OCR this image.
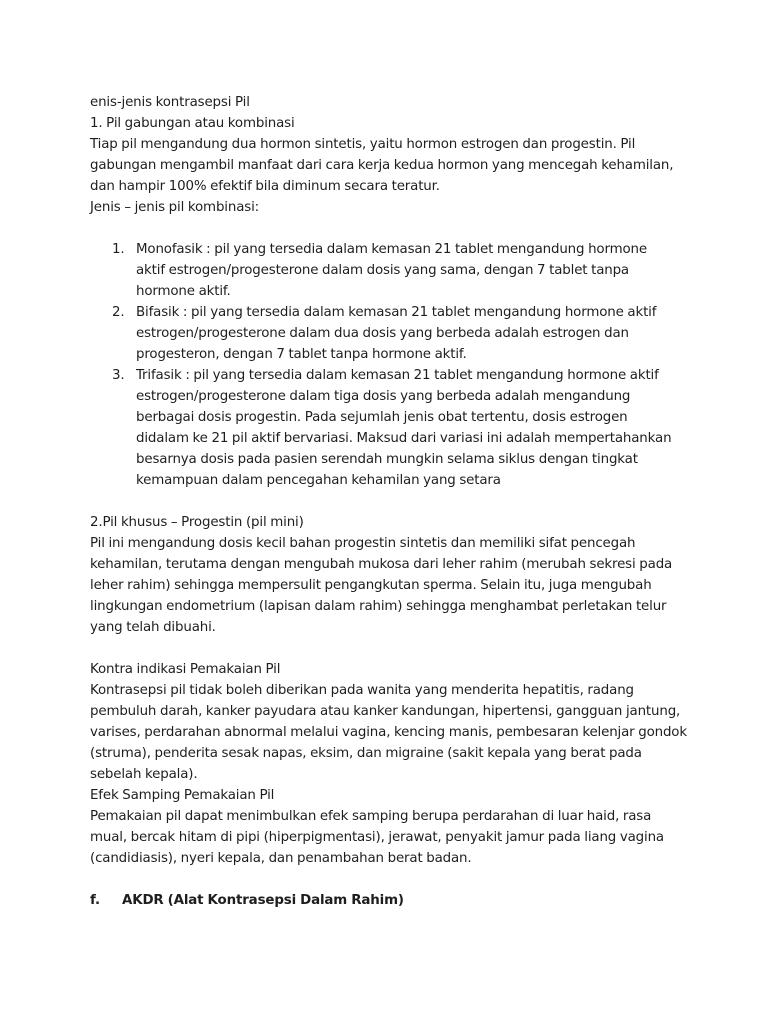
enis-jenis kontrasepsi Pil

1. Pil gabungan atau kombinasi

Tiap pil mengandung dua hormon sintetis, yaitu hormon estrogen dan progestin. Pil gabungan mengambil manfaat dari cara kerja kedua hormon yang mencegah kehamilan, dan hampir 100% efektif bila diminum secara teratur.

Jenis – jenis pil kombinasi:

1. Monofasik : pil yang tersedia dalam kemasan 21 tablet mengandung hormone aktif estrogen/progesterone dalam dosis yang sama, dengan 7 tablet tanpa hormone aktif.
2. Bifasik : pil yang tersedia dalam kemasan 21 tablet mengandung hormone aktif estrogen/progesterone dalam dua dosis yang berbeda adalah estrogen dan progesteron, dengan 7 tablet tanpa hormone aktif.
3. Trifasik : pil yang tersedia dalam kemasan 21 tablet mengandung hormone aktif estrogen/progesterone dalam tiga dosis yang berbeda adalah mengandung berbagai dosis progestin. Pada sejumlah jenis obat tertentu, dosis estrogen didalam ke 21 pil aktif bervariasi. Maksud dari variasi ini adalah mempertahankan besarnya dosis pada pasien serendah mungkin selama siklus dengan tingkat kemampuan dalam pencegahan kehamilan yang setara

2.Pil khusus – Progestin (pil mini)

Pil ini mengandung dosis kecil bahan progestin sintetis dan memiliki sifat pencegah kehamilan, terutama dengan mengubah mukosa dari leher rahim (merubah sekresi pada leher rahim) sehingga mempersulit pengangkutan sperma. Selain itu, juga mengubah lingkungan endometrium (lapisan dalam rahim) sehingga menghambat perletakan telur yang telah dibuahi.

Kontra indikasi Pemakaian Pil

Kontrasepsi pil tidak boleh diberikan pada wanita yang menderita hepatitis, radang pembuluh darah, kanker payudara atau kanker kandungan, hipertensi, gangguan jantung, varises, perdarahan abnormal melalui vagina, kencing manis, pembesaran kelenjar gondok (struma), penderita sesak napas, eksim, dan migraine (sakit kepala yang berat pada sebelah kepala).

Efek Samping Pemakaian Pil

Pemakaian pil dapat menimbulkan efek samping berupa perdarahan di luar haid, rasa mual, bercak hitam di pipi (hiperpigmentasi), jerawat, penyakit jamur pada liang vagina (candidiasis), nyeri kepala, dan penambahan berat badan.

f.	AKDR (Alat Kontrasepsi Dalam Rahim)
